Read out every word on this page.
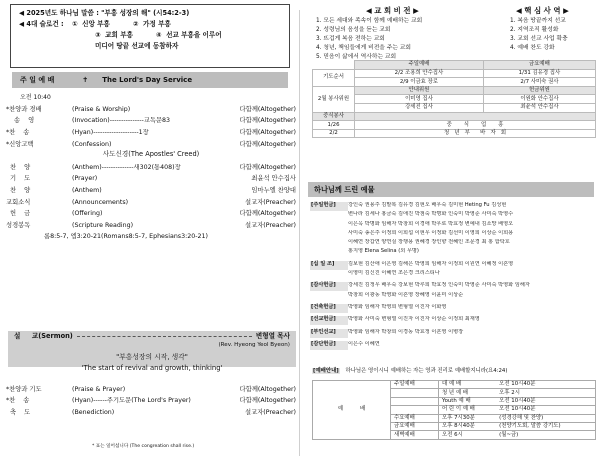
◀ 2025년도 하나님 말씀 : "부흥 성장의 해" (시54:2-3)
◀ 4대 슬로건 : ①  신앙 부흥          ②  가정 부흥
③  교회 부흥          ④  선교 부흥을 이루어
미디어 땅끝 선교에 동참하자
주 일 예 배	✝ The Lord's Day Service
오전 10:40
*찬양과 경배	(Praise & Worship)	다함께(Altogether)
송    영	(Invocation)---------------교독문83	다함께(Altogether)
*찬    송	(Hyan)--------------------1장	다함께(Altogether)
*신앙고백	(Confession)	다함께(Altogether)
사도신경(The Apostles' Creed)
찬    양	(Anthem)--------------새302(통408)장	다함께(Altogether)
기    도	(Prayer)	최윤석 안수집사
찬    양	(Anthem)	임마누엘 찬양대
교회소식	(Announcements)	설교자(Preacher)
헌    금	(Offering)	다함께(Altogether)
성경봉독	(Scripture Reading)	설교자(Preacher)
롬8:5-7, 엡3:20-21(Romans8:5-7, Ephesians3:20-21)
설     교(Sermon)	변형열 목사
(Rev. Hyeong Yeol Byeon)
"부흥성장의 시작, 생각"
'The start of revival and growth, thinking'
*찬양과 기도	(Praise & Prayer)	다함께(Altogether)
*찬    송	(Hyan)------주기도문(The Lord's Prayer)	다함께(Altogether)
축    도	(Benediction)	설교자(Preacher)
* 표는 일어섭니다 (The congreation shall rise.)
◀ 교 회 비 전 ▶
1. 모든 세대와 족속이 함께 예배하는 교회
2. 성령님의 음성을 듣는 교회
3. 뜨겁게 복음 전하는 교회
4. 청년, 책임들에게 비전을 주는 교회
5. 믿음이 삶에서 역사하는 교회
◀ 핵 심 사 역 ▶
1. 복음 땅끝까지 선교
2. 지역조직 활성화
3. 교회 선교 사업 확충
4. 예배 찬도 강화
	주일예배	금요예배
기도순서	2/2 조용희 안수집사	1/31 김유경 집사
	2/9 이금효 장로	2/7 사미숙 권사
2월 봉사위원	안내위원	헌금위원
	이미영 집사	이원화 안수집사
	강세진 집사	최윤석 안수집사
중식봉사		
1/26	중       식       업       흥	
2/2	청   년   부      바   자   회	
하나님께 드린 예물
[주일헌금]	강인숙 권용주 김말복 김유경 김현오 배우숙 김미현 Heting Fu 김성현
변나라 김세나 홍금숙 김애진 박점숙 박명화 인숙미 박영준 사미숙 박영수
이은옥 박명화 임해자 박창희 이경애 박우로 박효정 변예내 김소망 배영오
사미숙 송은주 이정희 이희섭 이현우 이정화 김선미 이영희 이상순 이희용
이혜연 장갑연 양연실 장행용 권혜경 장인향 전혜인 조문경 최 홍 함탁호
홍지영 Elena Selina (외 무명)
[십 일 조]	김보현 김산애 이은영 김해은 박영희 임해자 이정희 이원연 이혜정 이흔영
이영미 김신진 이혜연 조은경 크리스티나
[감사헌금]	강세진 김정우 배우숙 강보현 박루희 박효정 인숙미 박영준 사미숙 박영화 임해자
박창희 이광동 박영화 이흔영 장혜영 이윤미 이상순
[건축헌금]	박영화 임해자 박영희 변형열 이진자 이화영
[선교헌금]	박영화 사미숙 변형열 이진자 이진자 이상순 이정희 최재영
[부인선교]	박영화 임해자 박창희 이경동 박효정 이흔영 이병장
[감단헌금]	이은수 이혜연
[예배안내] 하나님은 영이시니 예배하는 자는 영과 진리로 예배할지니라(요4:24)
예          배	주일예배	대 예 배	오전 10시40분
		청 년 예 배	오후 2시
		Youth 예 배	오전 10시40분
		어 린 이 예 배	오전 10시40분
	수요예배	오후 7시30분	(성경강해 및 찬양)
	금요예배	오후 8시40분	(천양기도회, 말씀 강기도)
	새벽예배	오전 6시	(월~금)
